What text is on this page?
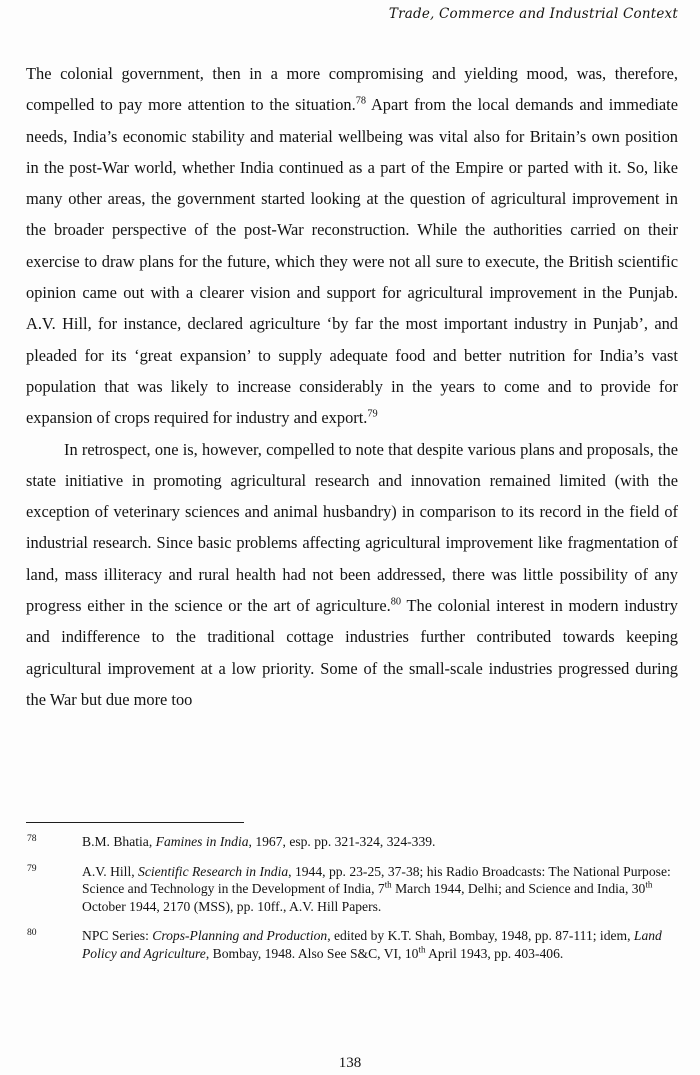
Trade, Commerce and Industrial Context

The colonial government, then in a more compromising and yielding mood, was, therefore, compelled to pay more attention to the situation.$^{78}$ Apart from the local demands and immediate needs, India’s economic stability and material wellbeing was vital also for Britain’s own position in the post-War world, whether India continued as a part of the Empire or parted with it. So, like many other areas, the government started looking at the question of agricultural improvement in the broader perspective of the post-War reconstruction. While the authorities carried on their exercise to draw plans for the future, which they were not all sure to execute, the British scientific opinion came out with a clearer vision and support for agricultural improvement in the Punjab. A.V. Hill, for instance, declared agriculture ‘by far the most important industry in Punjab’, and pleaded for its ‘great expansion’ to supply adequate food and better nutrition for India’s vast population that was likely to increase considerably in the years to come and to provide for expansion of crops required for industry and export.$^{79}$

In retrospect, one is, however, compelled to note that despite various plans and proposals, the state initiative in promoting agricultural research and innovation remained limited (with the exception of veterinary sciences and animal husbandry) in comparison to its record in the field of industrial research. Since basic problems affecting agricultural improvement like fragmentation of land, mass illiteracy and rural health had not been addressed, there was little possibility of any progress either in the science or the art of agriculture.$^{80}$ The colonial interest in modern industry and indifference to the traditional cottage industries further contributed towards keeping agricultural improvement at a low priority. Some of the small-scale industries progressed during the War but due more too

78	B.M. Bhatia, Famines in India, 1967, esp. pp. 321-324, 324-339.
79	A.V. Hill, Scientific Research in India, 1944, pp. 23-25, 37-38; his Radio Broadcasts: The National Purpose: Science and Technology in the Development of India, 7th March 1944, Delhi; and Science and India, 30th October 1944, 2170 (MSS), pp. 10ff., A.V. Hill Papers.
80	NPC Series: Crops-Planning and Production, edited by K.T. Shah, Bombay, 1948, pp. 87-111; idem, Land Policy and Agriculture, Bombay, 1948. Also See S&C, VI, 10th April 1943, pp. 403-406.
138
